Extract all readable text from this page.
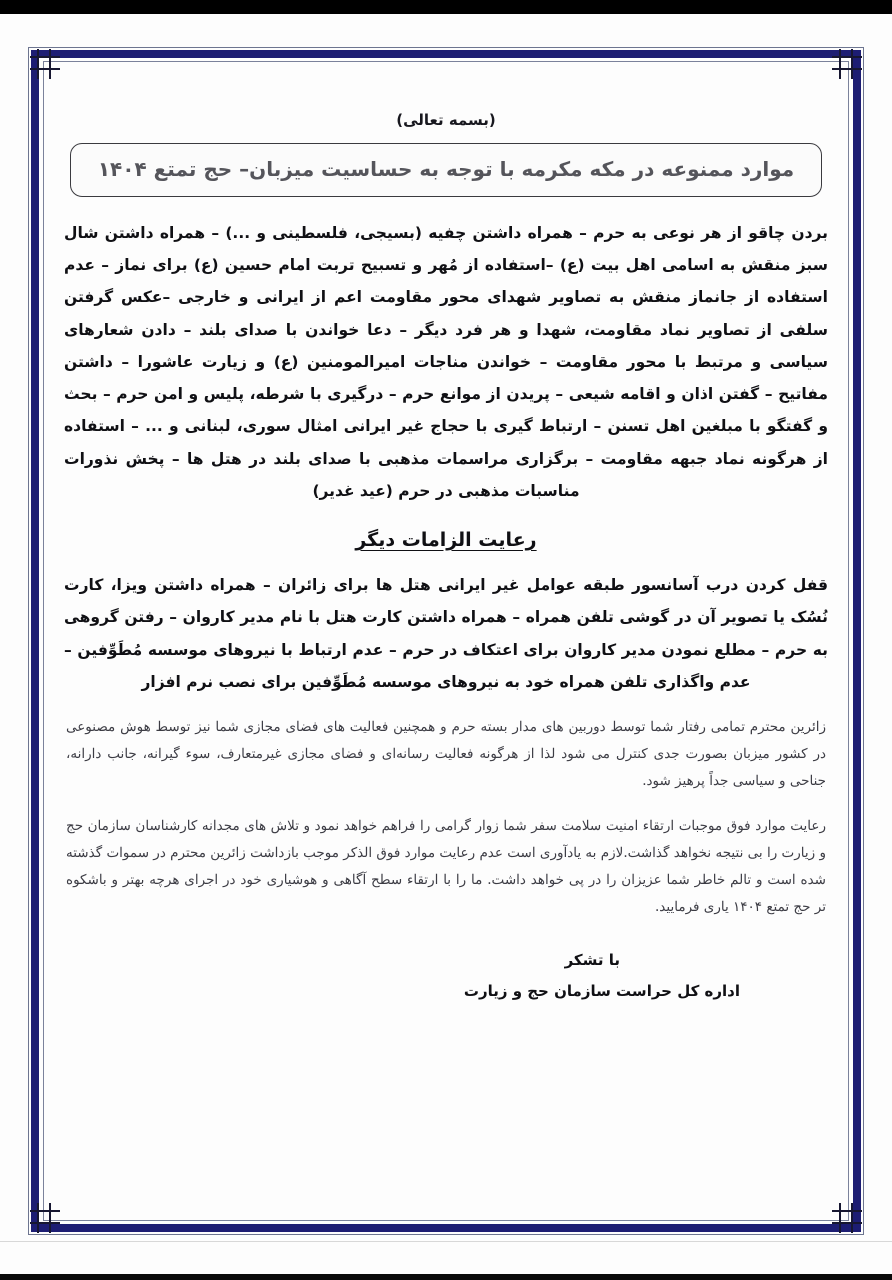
(بسمه تعالی)
موارد ممنوعه در مکه مکرمه با توجه به حساسیت میزبان– حج تمتع ۱۴۰۴
بردن چاقو از هر نوعی به حرم – همراه داشتن چفیه (بسیجی، فلسطینی و ...) – همراه داشتن شال سبز منقش به اسامی اهل بیت (ع) –استفاده از مُهر و تسبیح تربت امام حسین (ع) برای نماز – عدم استفاده از جانماز منقش به تصاویر شهدای محور مقاومت اعم از ایرانی و خارجی –عکس گرفتن سلفی از تصاویر نماد مقاومت، شهدا و هر فرد دیگر – دعا خواندن با صدای بلند – دادن شعارهای سیاسی و مرتبط با محور مقاومت – خواندن مناجات امیرالمومنین (ع) و زیارت عاشورا – داشتن مفاتیح – گفتن اذان و اقامه شیعی – پریدن از موانع حرم – درگیری با شرطه، پلیس و امن حرم – بحث و گفتگو با مبلغین اهل تسنن – ارتباط گیری با حجاج غیر ایرانی امثال سوری، لبنانی و ... – استفاده از هرگونه نماد جبهه مقاومت – برگزاری مراسمات مذهبی با صدای بلند در هتل ها – پخش نذورات مناسبات مذهبی در حرم (عید غدیر)
رعایت الزامات دیگر
قفل کردن درب آسانسور طبقه عوامل غیر ایرانی هتل ها برای زائران – همراه داشتن ویزا، کارت نُسُک یا تصویر آن در گوشی تلفن همراه – همراه داشتن کارت هتل با نام مدیر کاروان – رفتن گروهی به حرم – مطلع نمودن مدیر کاروان برای اعتکاف در حرم – عدم ارتباط با نیروهای موسسه مُطَوِّفین – عدم واگذاری تلفن همراه خود به نیروهای موسسه مُطَوِّفین برای نصب نرم افزار
زائرین محترم تمامی رفتار شما توسط دوربین های مدار بسته حرم و همچنین فعالیت های فضای مجازی شما نیز توسط هوش مصنوعی در کشور میزبان بصورت جدی کنترل می شود لذا از هرگونه فعالیت رسانه‌ای و فضای مجازی غیرمتعارف، سوء گیرانه، جانب دارانه، جناحی و سیاسی جداً پرهیز شود.
رعایت موارد فوق موجبات ارتقاء امنیت سلامت سفر شما زوار گرامی را فراهم خواهد نمود و تلاش های مجدانه کارشناسان سازمان حج و زیارت را بی نتیجه نخواهد گذاشت.لازم به یادآوری است عدم رعایت موارد فوق الذکر موجب بازداشت زائرین محترم در سموات گذشته شده است و تالم خاطر شما عزیزان را در پی خواهد داشت. ما را با ارتقاء سطح آگاهی و هوشیاری خود در اجرای هرچه بهتر و باشکوه تر حج تمتع ۱۴۰۴ یاری فرمایید.
با تشکر
اداره کل حراست سازمان حج و زیارت
